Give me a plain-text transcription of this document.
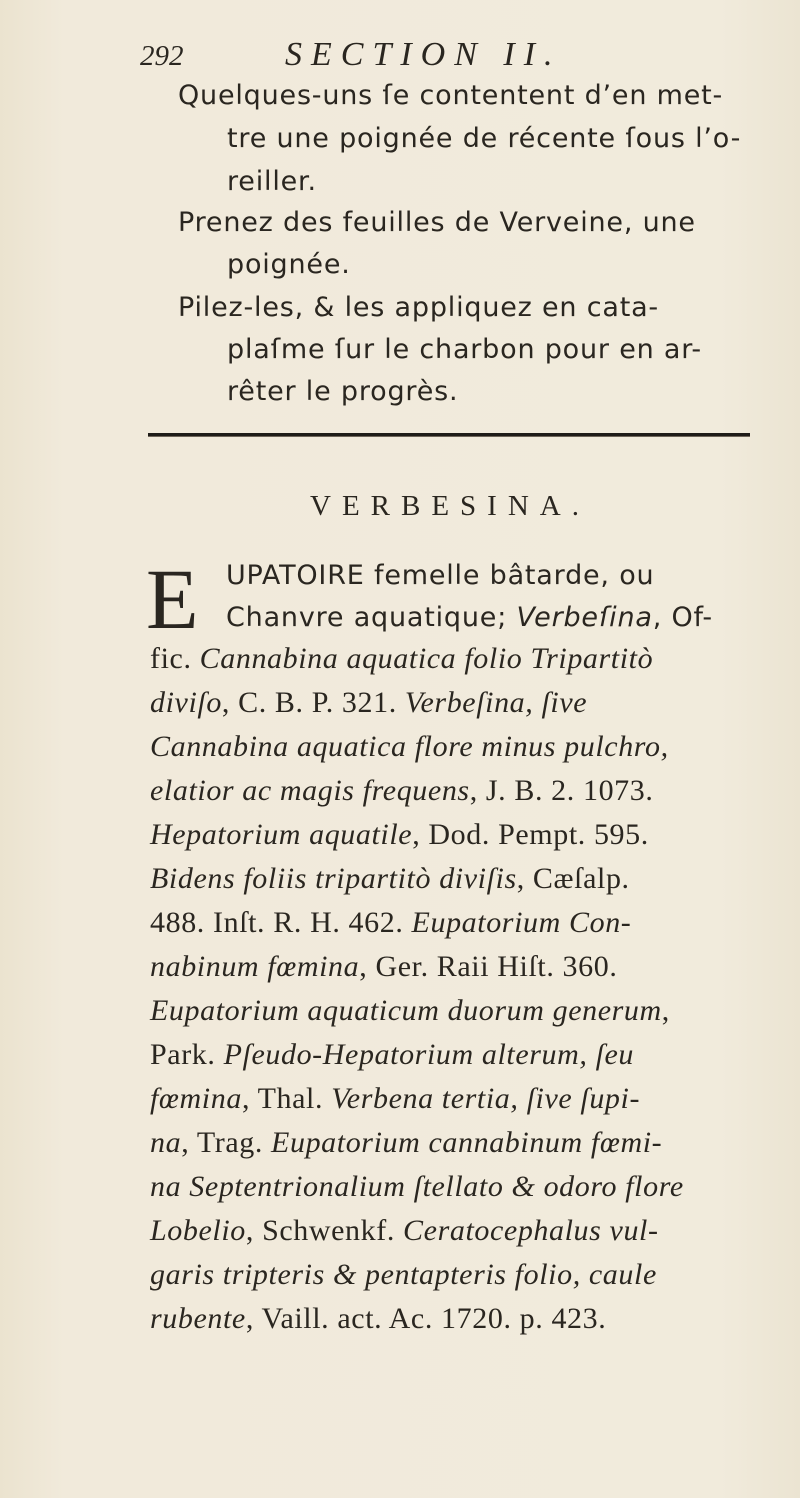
292	SECTION II.
Quelques-uns ſe contentent d’en met-
tre une poignée de récente ſous l’o-
reiller.
Prenez des feuilles de Verveine, une
poignée.
Pilez-les, & les appliquez en cata-
plaſme ſur le charbon pour en ar-
rêter le progrès.
VERBESINA.
E UPATOIRE femelle bâtarde, ou
Chanvre aquatique; Verbeſina, Of-
fic. Cannabina aquatica folio Tripartitò
diviſo, C. B. P. 321. Verbeſina, ſive
Cannabina aquatica flore minus pulchro,
elatior ac magis frequens, J. B. 2. 1073.
Hepatorium aquatile, Dod. Pempt. 595.
Bidens foliis tripartitò diviſis, Cæſalp.
488. Inſt. R. H. 462. Eupatorium Con-
nabinum fœmina, Ger. Raii Hiſt. 360.
Eupatorium aquaticum duorum generum,
Park. Pſeudo-Hepatorium alterum, ſeu
fœmina, Thal. Verbena tertia, ſive ſupi-
na, Trag. Eupatorium cannabinum fœmi-
na Septentrionalium ſtellato & odoro flore
Lobelio, Schwenkf. Ceratocephalus vul-
garis tripteris & pentapteris folio, caule
rubente, Vaill. act. Ac. 1720. p. 423.
